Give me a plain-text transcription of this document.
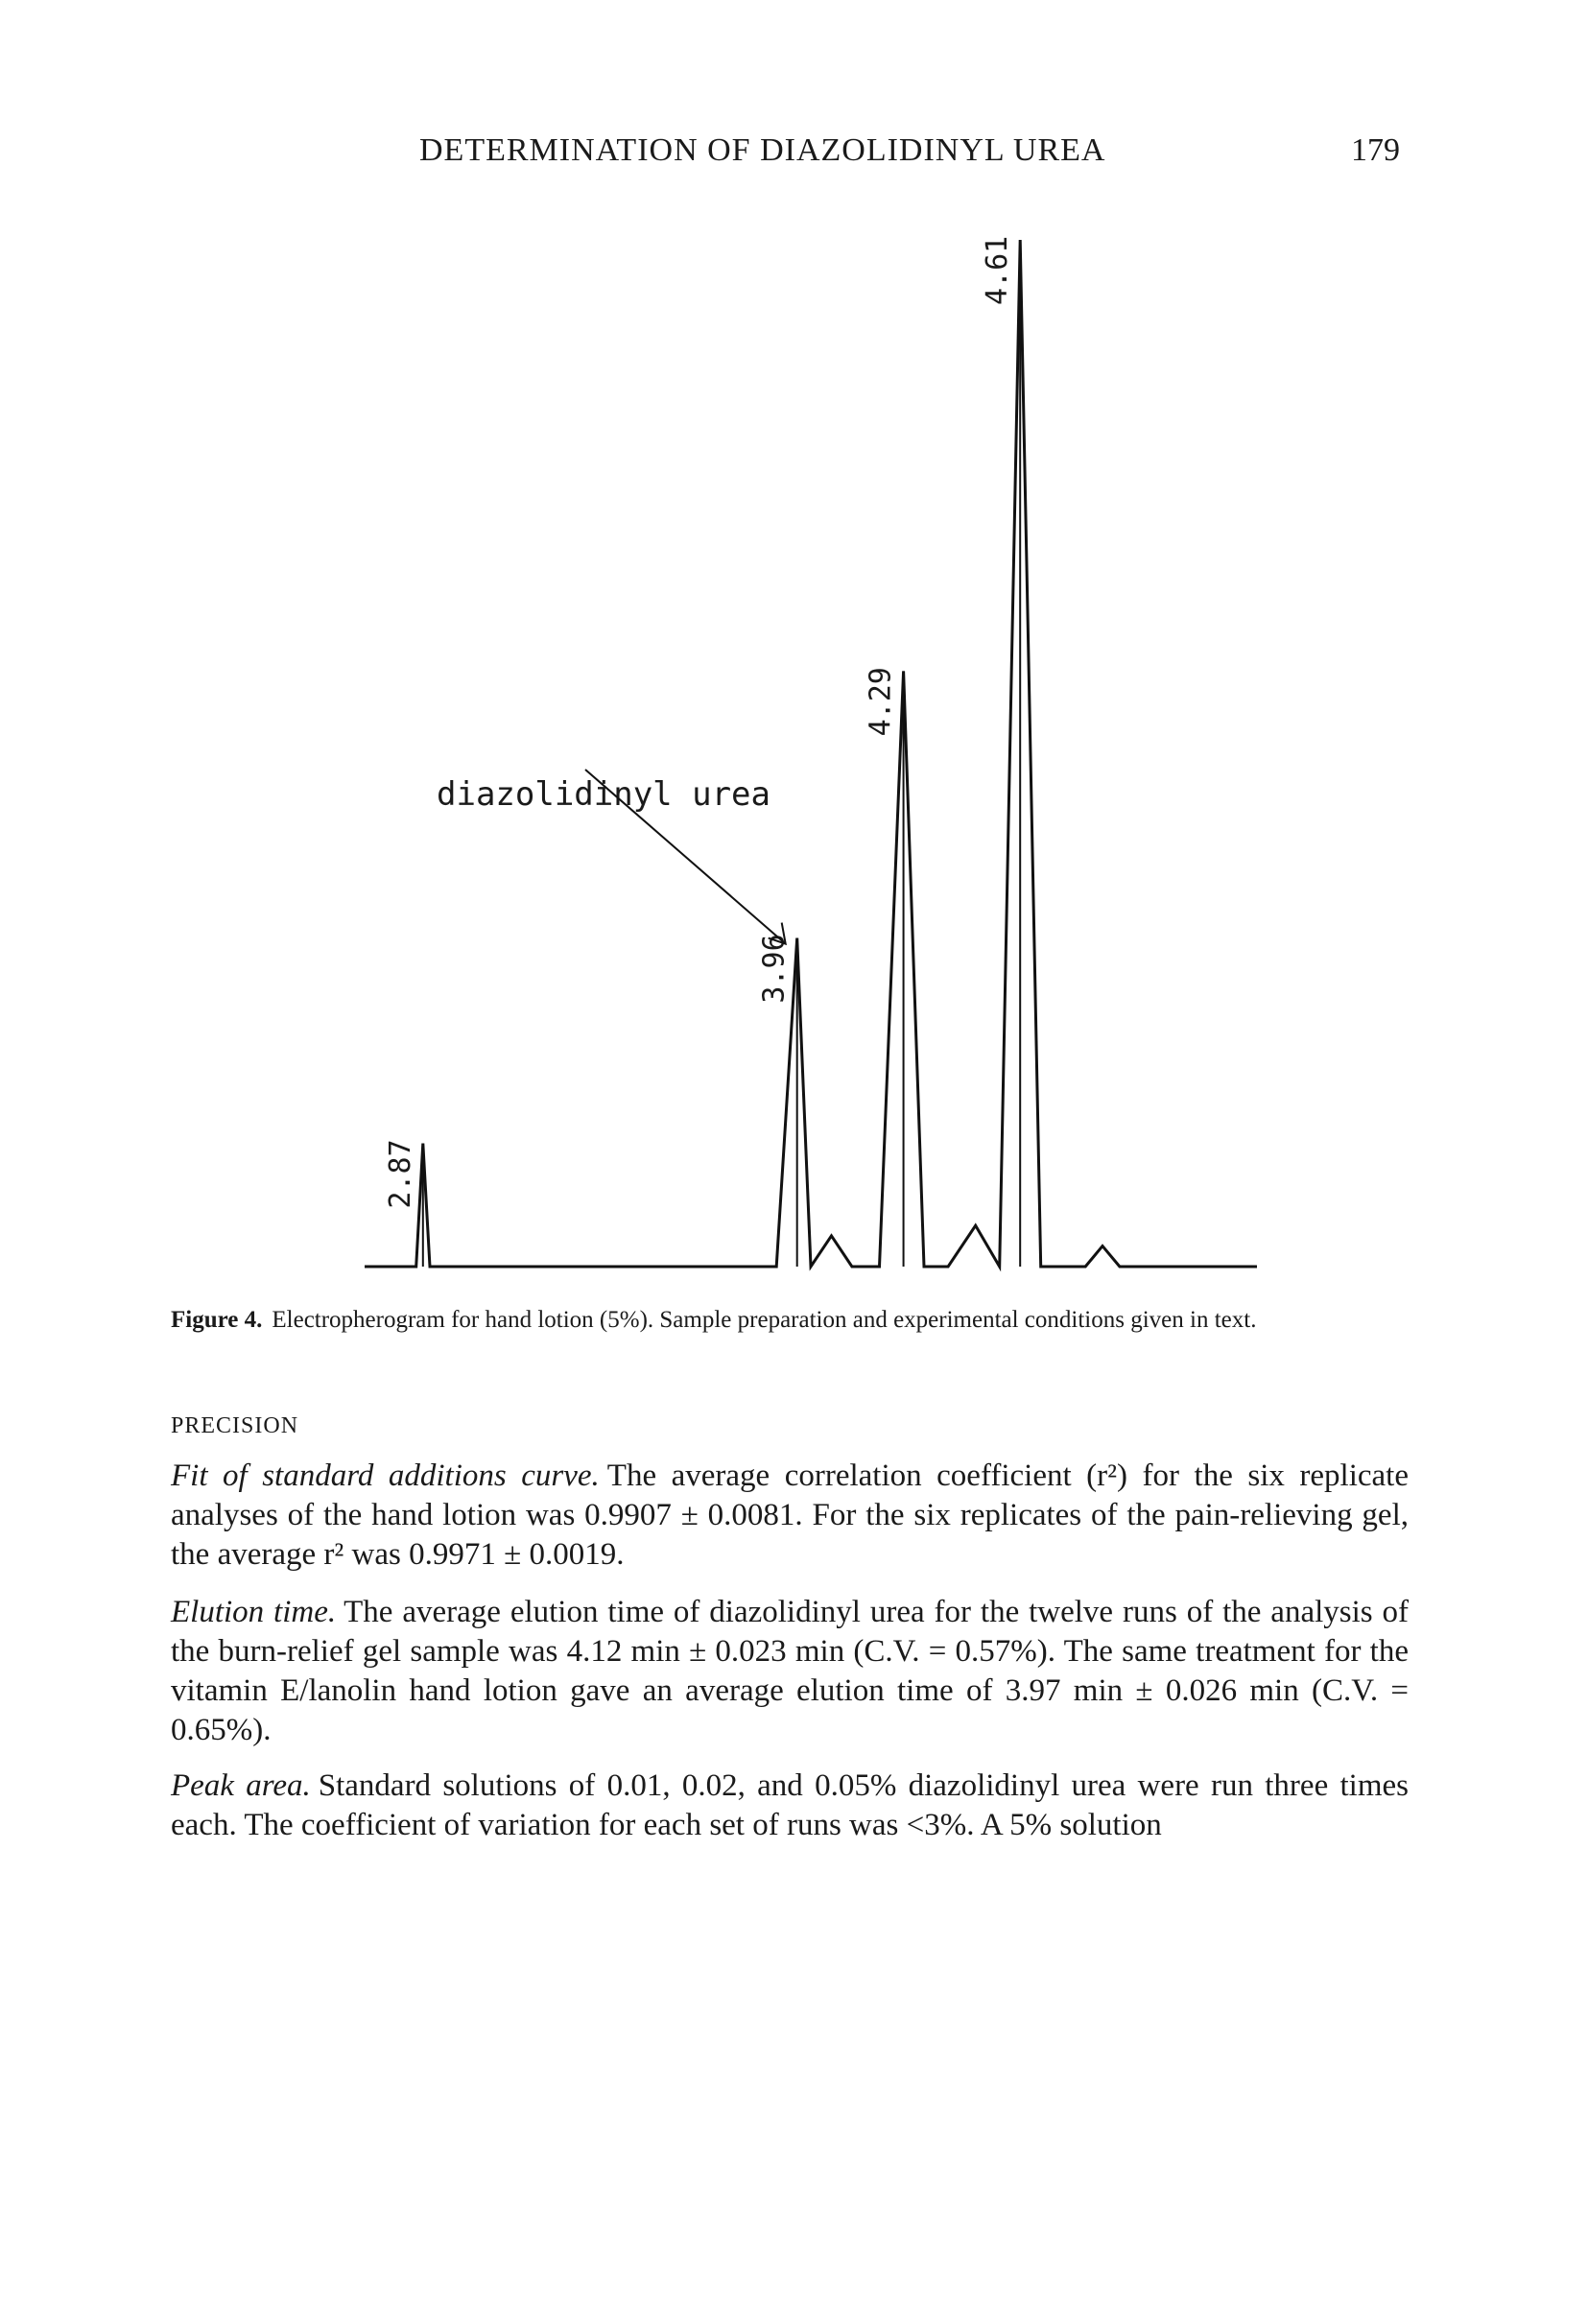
DETERMINATION OF DIAZOLIDINYL UREA	179
2.87
3.96
4.29
4.61
diazolidinyl urea
Figure 4. Electropherogram for hand lotion (5%). Sample preparation and experimental conditions given in text.
PRECISION
Fit of standard additions curve. The average correlation coefficient (r²) for the six replicate analyses of the hand lotion was 0.9907 ± 0.0081. For the six replicates of the pain-relieving gel, the average r² was 0.9971 ± 0.0019.
Elution time. The average elution time of diazolidinyl urea for the twelve runs of the analysis of the burn-relief gel sample was 4.12 min ± 0.023 min (C.V. = 0.57%). The same treatment for the vitamin E/lanolin hand lotion gave an average elution time of 3.97 min ± 0.026 min (C.V. = 0.65%).
Peak area. Standard solutions of 0.01, 0.02, and 0.05% diazolidinyl urea were run three times each. The coefficient of variation for each set of runs was <3%. A 5% solution
